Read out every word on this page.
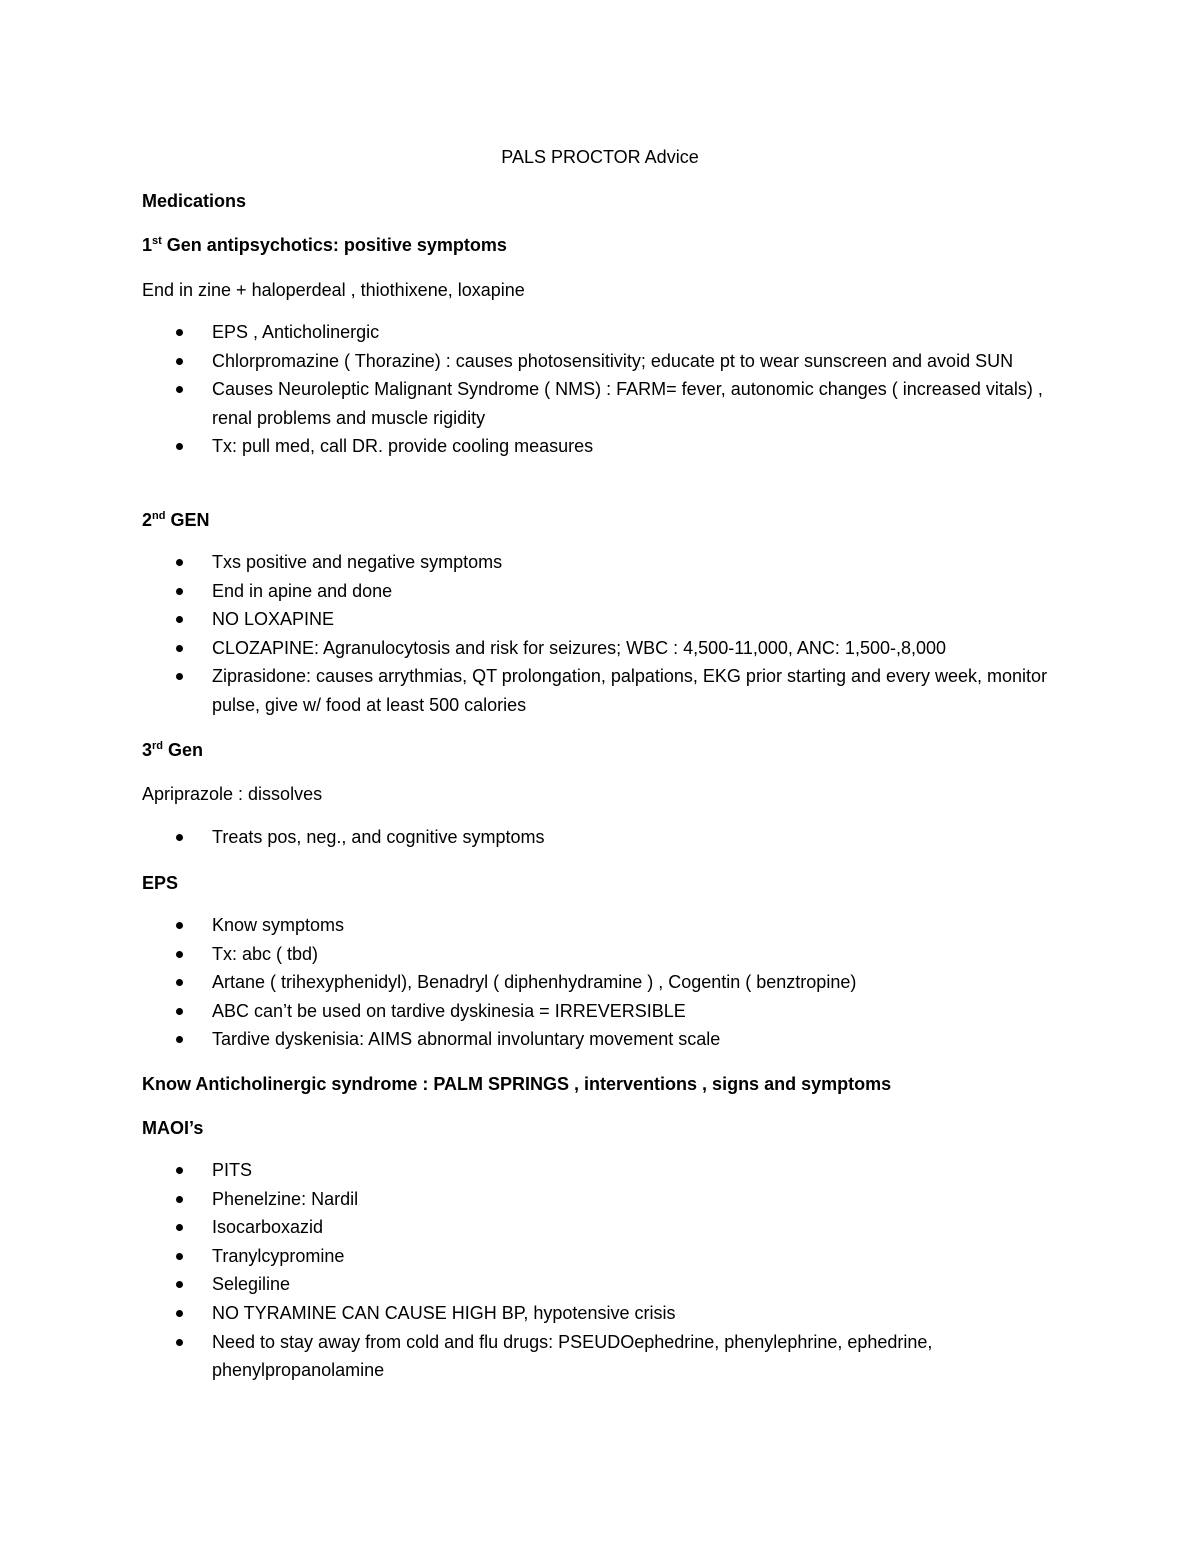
PALS PROCTOR Advice
Medications
1st Gen antipsychotics: positive symptoms
End in zine + haloperdeal , thiothixene, loxapine
EPS , Anticholinergic
Chlorpromazine ( Thorazine) : causes photosensitivity; educate pt to wear sunscreen and avoid SUN
Causes Neuroleptic Malignant Syndrome ( NMS) : FARM= fever, autonomic changes ( increased vitals) , renal problems and muscle rigidity
Tx: pull med, call DR. provide cooling measures
2nd GEN
Txs positive and negative symptoms
End in apine and done
NO LOXAPINE
CLOZAPINE: Agranulocytosis and risk for seizures; WBC : 4,500-11,000, ANC: 1,500-,8,000
Ziprasidone: causes arrythmias, QT prolongation, palpations, EKG prior starting and every week, monitor pulse, give w/ food at least 500 calories
3rd Gen
Apriprazole : dissolves
Treats pos, neg., and cognitive symptoms
EPS
Know symptoms
Tx: abc ( tbd)
Artane ( trihexyphenidyl), Benadryl ( diphenhydramine ) , Cogentin ( benztropine)
ABC can’t be used on tardive dyskinesia = IRREVERSIBLE
Tardive dyskenisia: AIMS abnormal involuntary movement scale
Know Anticholinergic syndrome : PALM SPRINGS , interventions , signs and symptoms
MAOI’s
PITS
Phenelzine: Nardil
Isocarboxazid
Tranylcypromine
Selegiline
NO TYRAMINE CAN CAUSE HIGH BP, hypotensive crisis
Need to stay away from cold and flu drugs: PSEUDOephedrine, phenylephrine, ephedrine, phenylpropanolamine
